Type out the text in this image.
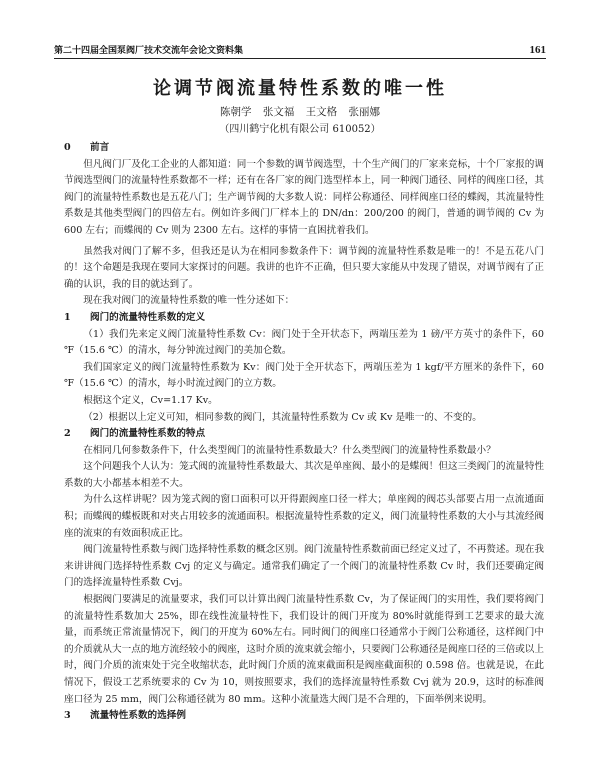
第二十四届全国泵阀厂技术交流年会论文资料集	161
论调节阀流量特性系数的唯一性
陈朝学 张文福 王文格 张丽娜
（四川鹤宁化机有限公司 610052）
0	前言

但凡阀门厂及化工企业的人都知道：同一个参数的调节阀选型，十个生产阀门的厂家来竞标，十个厂家报的调节阀选型阀门的流量特性系数都不一样；还有在各厂家的阀门选型样本上，同一种阀门通径、同样的阀座口径，其阀门的流量特性系数也是五花八门；生产调节阀的大多数人说：同样公称通径、同样阀座口径的蝶阀，其流量特性系数是其他类型阀门的四倍左右。例如许多阀门厂样本上的 DN/dn：200/200 的阀门，普通的调节阀的 Cv 为 600 左右；而蝶阀的 Cv 则为 2300 左右。这样的事情一直困扰着我们。

虽然我对阀门了解不多，但我还是认为在相同参数条件下：调节阀的流量特性系数是唯一的！不是五花八门的！这个命题是我现在要同大家探讨的问题。我讲的也许不正确，但只要大家能从中发现了错误，对调节阀有了正确的认识，我的目的就达到了。

现在我对阀门的流量特性系数的唯一性分述如下：

1	阀门的流量特性系数的定义

（1）我们先来定义阀门流量特性系数 Cv：阀门处于全开状态下，两端压差为 1 磅/平方英寸的条件下，60 ℉（15.6 ℃）的清水，每分钟流过阀门的美加仑数。

我们国家定义的阀门流量特性系数为 Kv：阀门处于全开状态下，两端压差为 1 kgf/平方厘米的条件下，60 ℉（15.6 ℃）的清水，每小时流过阀门的立方数。

根据这个定义，Cv=1.17 Kv。

（2）根据以上定义可知，相同参数的阀门，其流量特性系数为 Cv 或 Kv 是唯一的、不变的。

2	阀门的流量特性系数的特点

在相同几何参数条件下，什么类型阀门的流量特性系数最大？什么类型阀门的流量特性系数最小？

这个问题我个人认为：笼式阀的流量特性系数最大、其次是单座阀、最小的是蝶阀！但这三类阀门的流量特性系数的大小都基本相差不大。

为什么这样讲呢？因为笼式阀的窗口面积可以开得跟阀座口径一样大；单座阀的阀芯头部要占用一点流通面积；而蝶阀的蝶板既和对夹占用较多的流通面积。根据流量特性系数的定义，阀门流量特性系数的大小与其流经阀座的流束的有效面积成正比。

阀门流量特性系数与阀门选择特性系数的概念区别。阀门流量特性系数前面已经定义过了，不再赘述。现在我来讲讲阀门选择特性系数 Cvj 的定义与确定。通常我们确定了一个阀门的流量特性系数 Cv 时，我们还要确定阀门的选择流量特性系数 Cvj。

根据阀门要满足的流量要求，我们可以计算出阀门流量特性系数 Cv，为了保证阀门的实用性，我们要将阀门的流量特性系数加大 25%，即在线性流量特性下，我们设计的阀门开度为 80%时就能得到工艺要求的最大流量，而系统正常流量情况下，阀门的开度为 60%左右。同时阀门的阀座口径通常小于阀门公称通径，这样阀门中的介质就从大一点的地方流经较小的阀座，这时介质的流束就会缩小，只要阀门公称通径是阀座口径的三倍或以上时，阀门介质的流束处于完全收缩状态，此时阀门介质的流束截面积是阀座截面积的 0.598 倍。也就是说，在此情况下，假设工艺系统要求的 Cv 为 10，则按照要求，我们的选择流量特性系数 Cvj 就为 20.9，这时的标准阀座口径为 25 mm，阀门公称通径就为 80 mm。这种小流量选大阀门是不合理的，下面举例来说明。

3	流量特性系数的选择例
